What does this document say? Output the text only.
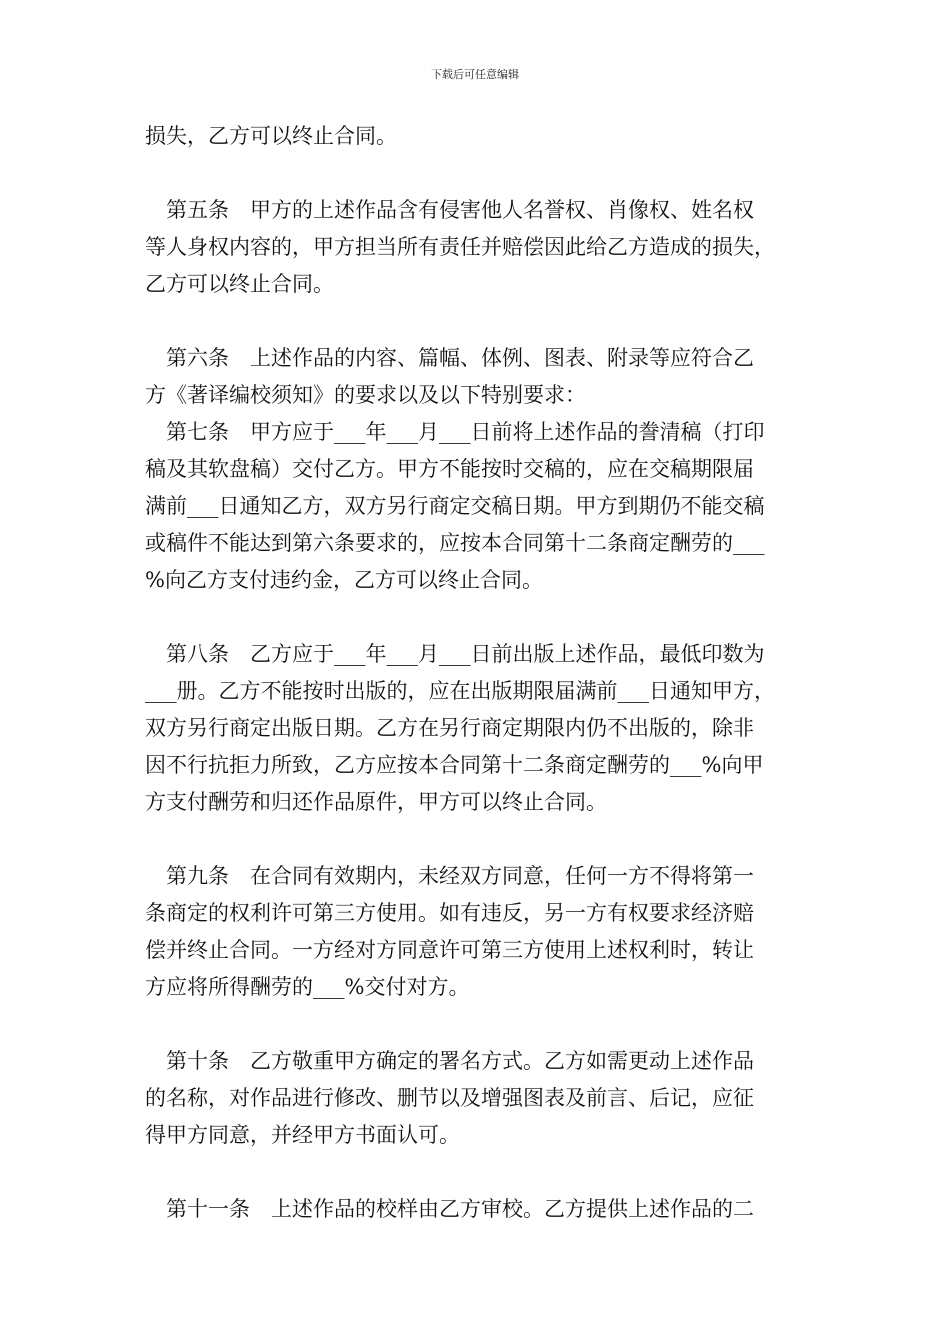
下载后可任意编辑
损失，乙方可以终止合同。
　第五条　甲方的上述作品含有侵害他人名誉权、肖像权、姓名权
等人身权内容的，甲方担当所有责任并赔偿因此给乙方造成的损失，
乙方可以终止合同。
　第六条　上述作品的内容、篇幅、体例、图表、附录等应符合乙
方《著译编校须知》的要求以及以下特别要求：
　第七条　甲方应于___年___月___日前将上述作品的誊清稿（打印
稿及其软盘稿）交付乙方。甲方不能按时交稿的，应在交稿期限届
满前___日通知乙方，双方另行商定交稿日期。甲方到期仍不能交稿
或稿件不能达到第六条要求的，应按本合同第十二条商定酬劳的___
%向乙方支付违约金，乙方可以终止合同。
　第八条　乙方应于___年___月___日前出版上述作品，最低印数为
___册。乙方不能按时出版的，应在出版期限届满前___日通知甲方，
双方另行商定出版日期。乙方在另行商定期限内仍不出版的，除非
因不行抗拒力所致，乙方应按本合同第十二条商定酬劳的___%向甲
方支付酬劳和归还作品原件，甲方可以终止合同。
　第九条　在合同有效期内，未经双方同意，任何一方不得将第一
条商定的权利许可第三方使用。如有违反，另一方有权要求经济赔
偿并终止合同。一方经对方同意许可第三方使用上述权利时，转让
方应将所得酬劳的___%交付对方。
　第十条　乙方敬重甲方确定的署名方式。乙方如需更动上述作品
的名称，对作品进行修改、删节以及增强图表及前言、后记，应征
得甲方同意，并经甲方书面认可。
　第十一条　上述作品的校样由乙方审校。乙方提供上述作品的二
